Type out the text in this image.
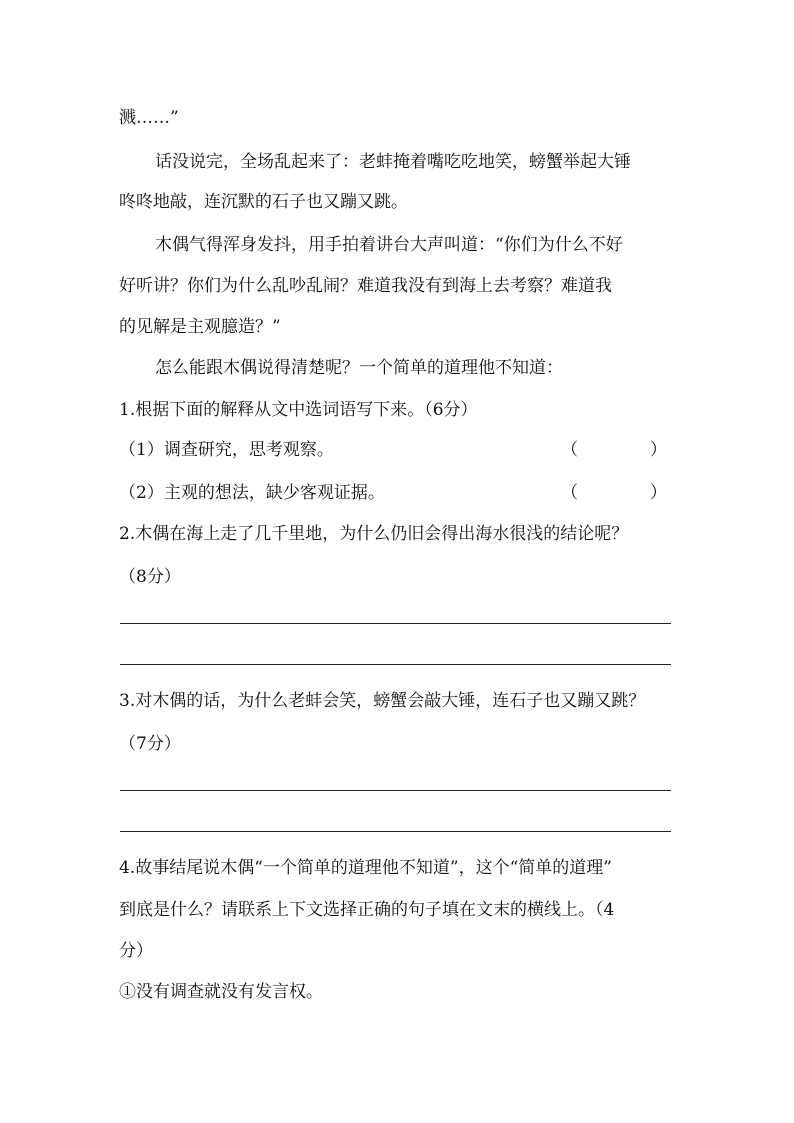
溅……”
话没说完，全场乱起来了：老蚌掩着嘴吃吃地笑，螃蟹举起大锤
咚咚地敲，连沉默的石子也又蹦又跳。
木偶气得浑身发抖，用手拍着讲台大声叫道：“你们为什么不好
好听讲？你们为什么乱吵乱闹？难道我没有到海上去考察？难道我
的见解是主观臆造？”
怎么能跟木偶说得清楚呢？一个简单的道理他不知道：
1.根据下面的解释从文中选词语写下来。（6分）
（1）调查研究，思考观察。	（	）
（2）主观的想法，缺少客观证据。	（	）
2.木偶在海上走了几千里地，为什么仍旧会得出海水很浅的结论呢？
（8分）
3.对木偶的话，为什么老蚌会笑，螃蟹会敲大锤，连石子也又蹦又跳？
（7分）
4.故事结尾说木偶“一个简单的道理他不知道”，这个“简单的道理”
到底是什么？请联系上下文选择正确的句子填在文末的横线上。（4
分）
①没有调查就没有发言权。
